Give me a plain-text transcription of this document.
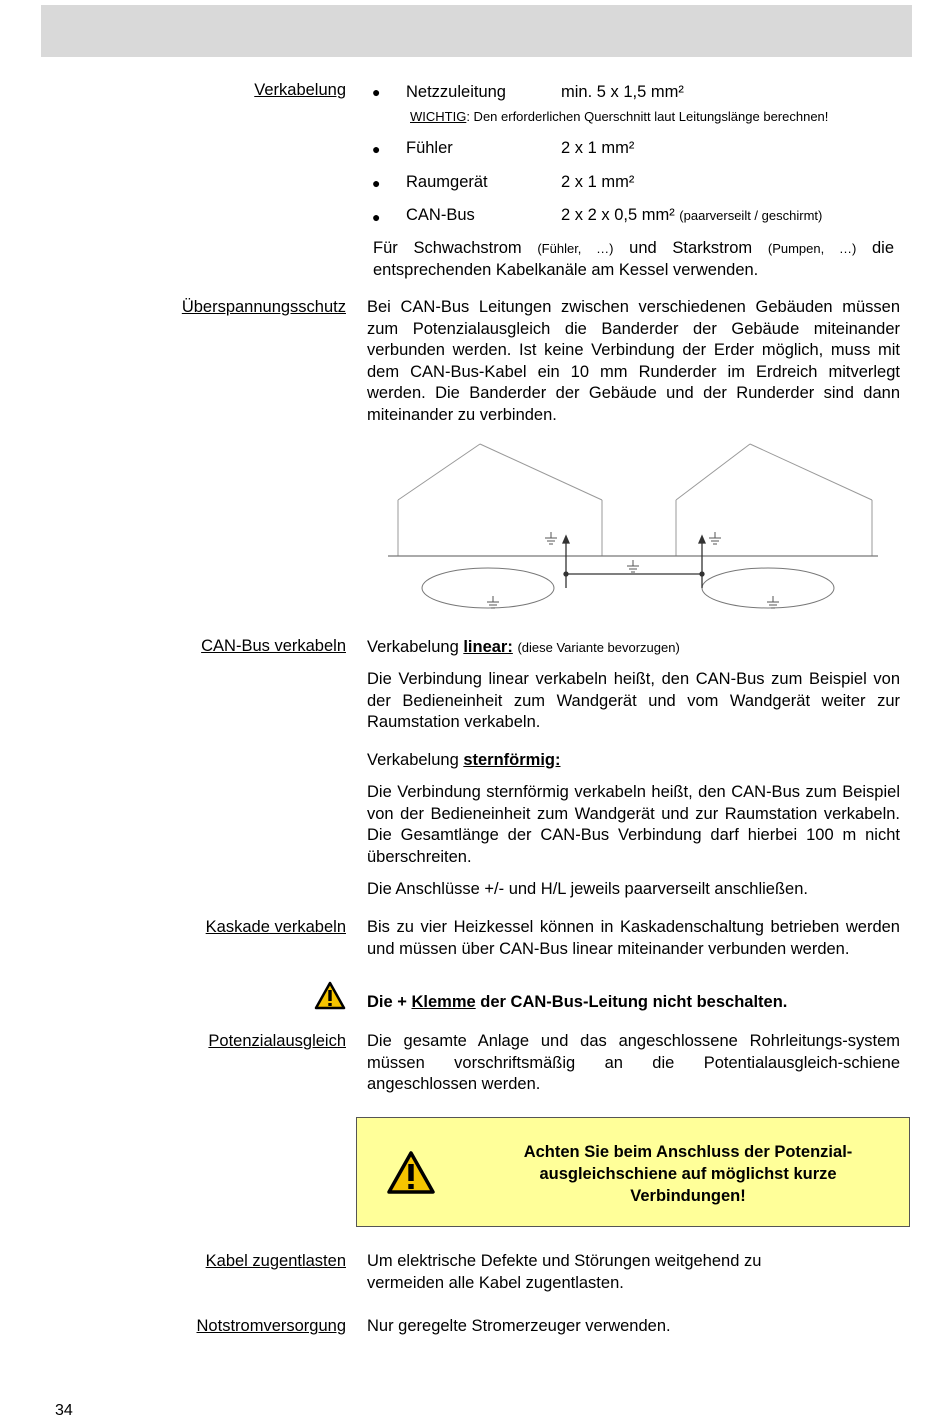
Verkabelung ● Netzzuleitung	min. 5 x 1,5 mm²
WICHTIG: Den erforderlichen Querschnitt laut Leitungslänge berechnen!
● Fühler	2 x 1 mm²
● Raumgerät	2 x 1 mm²
● CAN-Bus	2 x 2 x 0,5 mm² (paarverseilt / geschirmt)

Für Schwachstrom (Fühler, …) und Starkstrom (Pumpen, …) die entsprechenden Kabelkanäle am Kessel verwenden.

Überspannungsschutz Bei CAN-Bus Leitungen zwischen verschiedenen Gebäuden müssen zum Potenzialausgleich die Banderder der Gebäude miteinander verbunden werden. Ist keine Verbindung der Erder möglich, muss mit dem CAN-Bus-Kabel ein 10 mm Runderder im Erdreich mitverlegt werden. Die Banderder der Gebäude und der Runderder sind dann miteinander zu verbinden.

CAN-Bus verkabeln Verkabelung linear: (diese Variante bevorzugen)

Die Verbindung linear verkabeln heißt, den CAN-Bus zum Beispiel von der Bedieneinheit zum Wandgerät und vom Wandgerät weiter zur Raumstation verkabeln.

Verkabelung sternförmig:

Die Verbindung sternförmig verkabeln heißt, den CAN-Bus zum Beispiel von der Bedieneinheit zum Wandgerät und zur Raumstation verkabeln. Die Gesamtlänge der CAN-Bus Verbindung darf hierbei 100 m nicht überschreiten.

Die Anschlüsse +/- und H/L jeweils paarverseilt anschließen.

Kaskade verkabeln Bis zu vier Heizkessel können in Kaskadenschaltung betrieben werden und müssen über CAN-Bus linear miteinander verbunden werden.

Die + Klemme der CAN-Bus-Leitung nicht beschalten.

Potenzialausgleich Die gesamte Anlage und das angeschlossene Rohrleitungs-system müssen vorschriftsmäßig an die Potentialausgleich-schiene angeschlossen werden.

Achten Sie beim Anschluss der Potenzial-ausgleichschiene auf möglichst kurze Verbindungen!
Kabel zugentlasten Um elektrische Defekte und Störungen weitgehend zu vermeiden alle Kabel zugentlasten.

Notstromversorgung Nur geregelte Stromerzeuger verwenden.

34
